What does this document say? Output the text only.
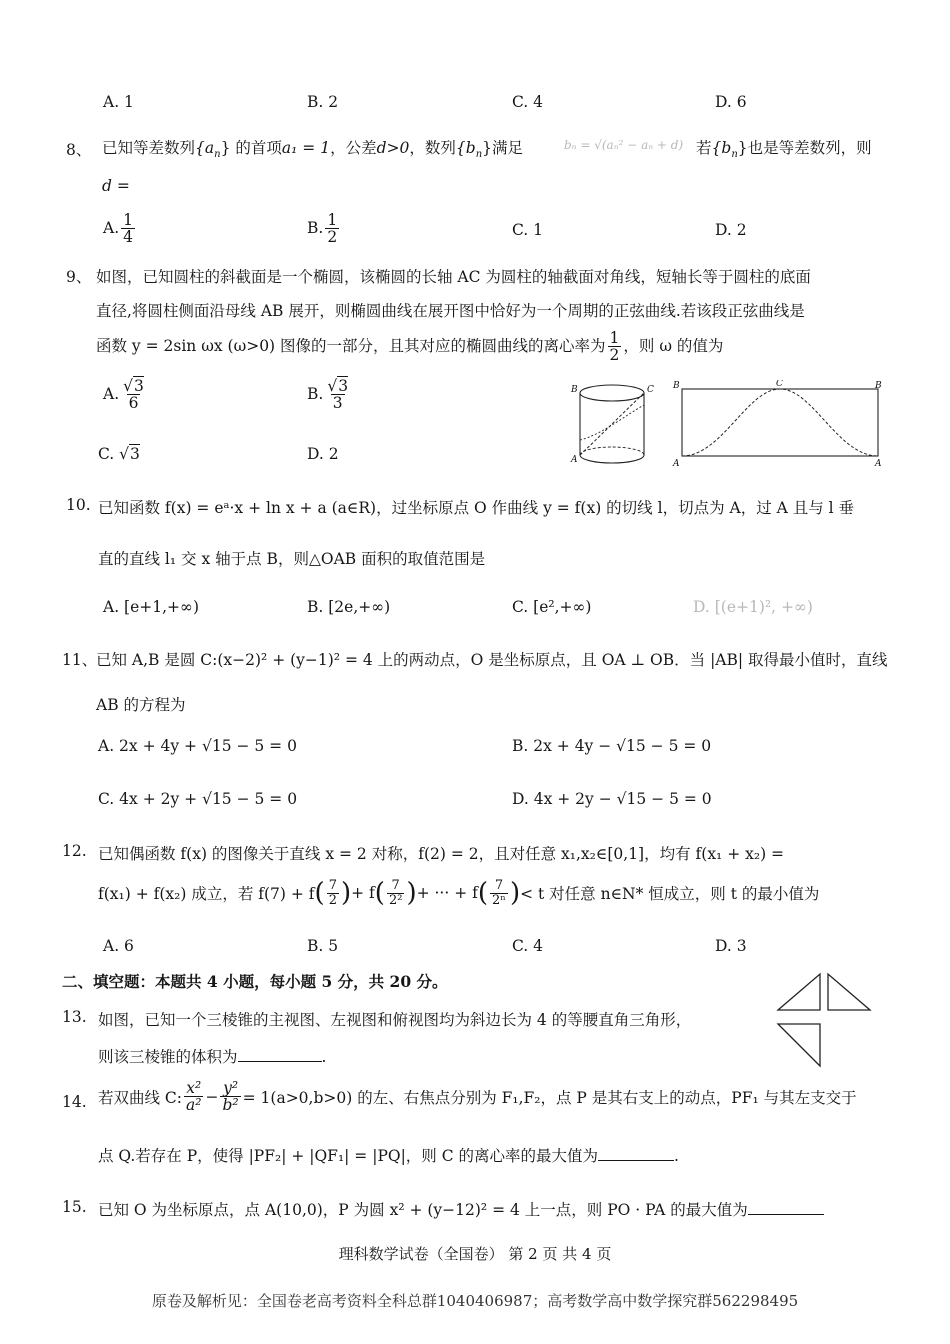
A. 1	B. 2	C. 4	D. 6
8、 已知等差数列$\{a_n\}$ 的首项a₁ = 1，公差d>0，数列$\{b_n\}$满足	bₙ = √(aₙ² − aₙ + d) 若$\{b_n\}$也是等差数列，则
d =
A. $\frac{1}{4}$	B. $\frac{1}{2}$	C. 1	D. 2
9、 如图，已知圆柱的斜截面是一个椭圆，该椭圆的长轴 AC 为圆柱的轴截面对角线，短轴长等于圆柱的底面
直径,将圆柱侧面沿母线 AB 展开，则椭圆曲线在展开图中恰好为一个周期的正弦曲线.若该段正弦曲线是
函数 y = 2sin ωx (ω>0) 图像的一部分，且其对应的椭圆曲线的离心率为 $\frac{1}{2}$ ，则 ω 的值为
A. $\frac{√3}{6}$	B. $\frac{√3}{3}$
C. √3	D. 2
B	C
A
B	C	B
A	A
10. 已知函数 f(x) = eᵃ·x + ln x + a (a∈R)，过坐标原点 O 作曲线 y = f(x) 的切线 l，切点为 A，过 A 且与 l 垂
直的直线 l₁ 交 x 轴于点 B，则△OAB 面积的取值范围是
A. [e+1,+∞)	B. [2e,+∞)	C. [e²,+∞)	D. [(e+1)², +∞)
11、
已知 A,B 是圆 C:(x−2)² + (y−1)² = 4 上的两动点，O 是坐标原点，且 OA ⊥ OB．当 |AB| 取得最小值时，直线
AB 的方程为
A. 2x + 4y + √15 − 5 = 0	B. 2x + 4y − √15 − 5 = 0
C. 4x + 2y + √15 − 5 = 0	D. 4x + 2y − √15 − 5 = 0
12. 已知偶函数 f(x) 的图像关于直线 x = 2 对称，f(2) = 2，且对任意 x₁,x₂∈[0,1]，均有 f(x₁ + x₂) =
f(x₁) + f(x₂) 成立，若 f(7) + f ( $\frac{7}{2}$ ) + f ( $\frac{7}{\text{2²}}$ ) + ··· + f ( $\frac{7}{\text{2ⁿ}}$ ) < t 对任意 n∈N* 恒成立，则 t 的最小值为
A. 6	B. 5	C. 4	D. 3
二、填空题：本题共 4 小题，每小题 5 分，共 20 分。
13. 如图，已知一个三棱锥的主视图、左视图和俯视图均为斜边长为 4 的等腰直角三角形，
则该三棱锥的体积为	.
14. 若双曲线 C: $\frac{\text{x²}}{\text{a²}} - \frac{\text{y²}}{\text{b²}} = 1(a>0,b>0)$ 的左、右焦点分别为 F₁,F₂，点 P 是其右支上的动点，PF₁ 与其左支交于
点 Q.若存在 P，使得 |PF₂| + |QF₁| = |PQ|，则 C 的离心率的最大值为	.
15. 已知 O 为坐标原点，点 A(10,0)，P 为圆 x² + (y−12)² = 4 上一点，则 PO · PA 的最大值为
理科数学试卷（全国卷） 第 2 页 共 4 页
原卷及解析见：全国卷老高考资料全科总群1040406987；高考数学高中数学探究群562298495
